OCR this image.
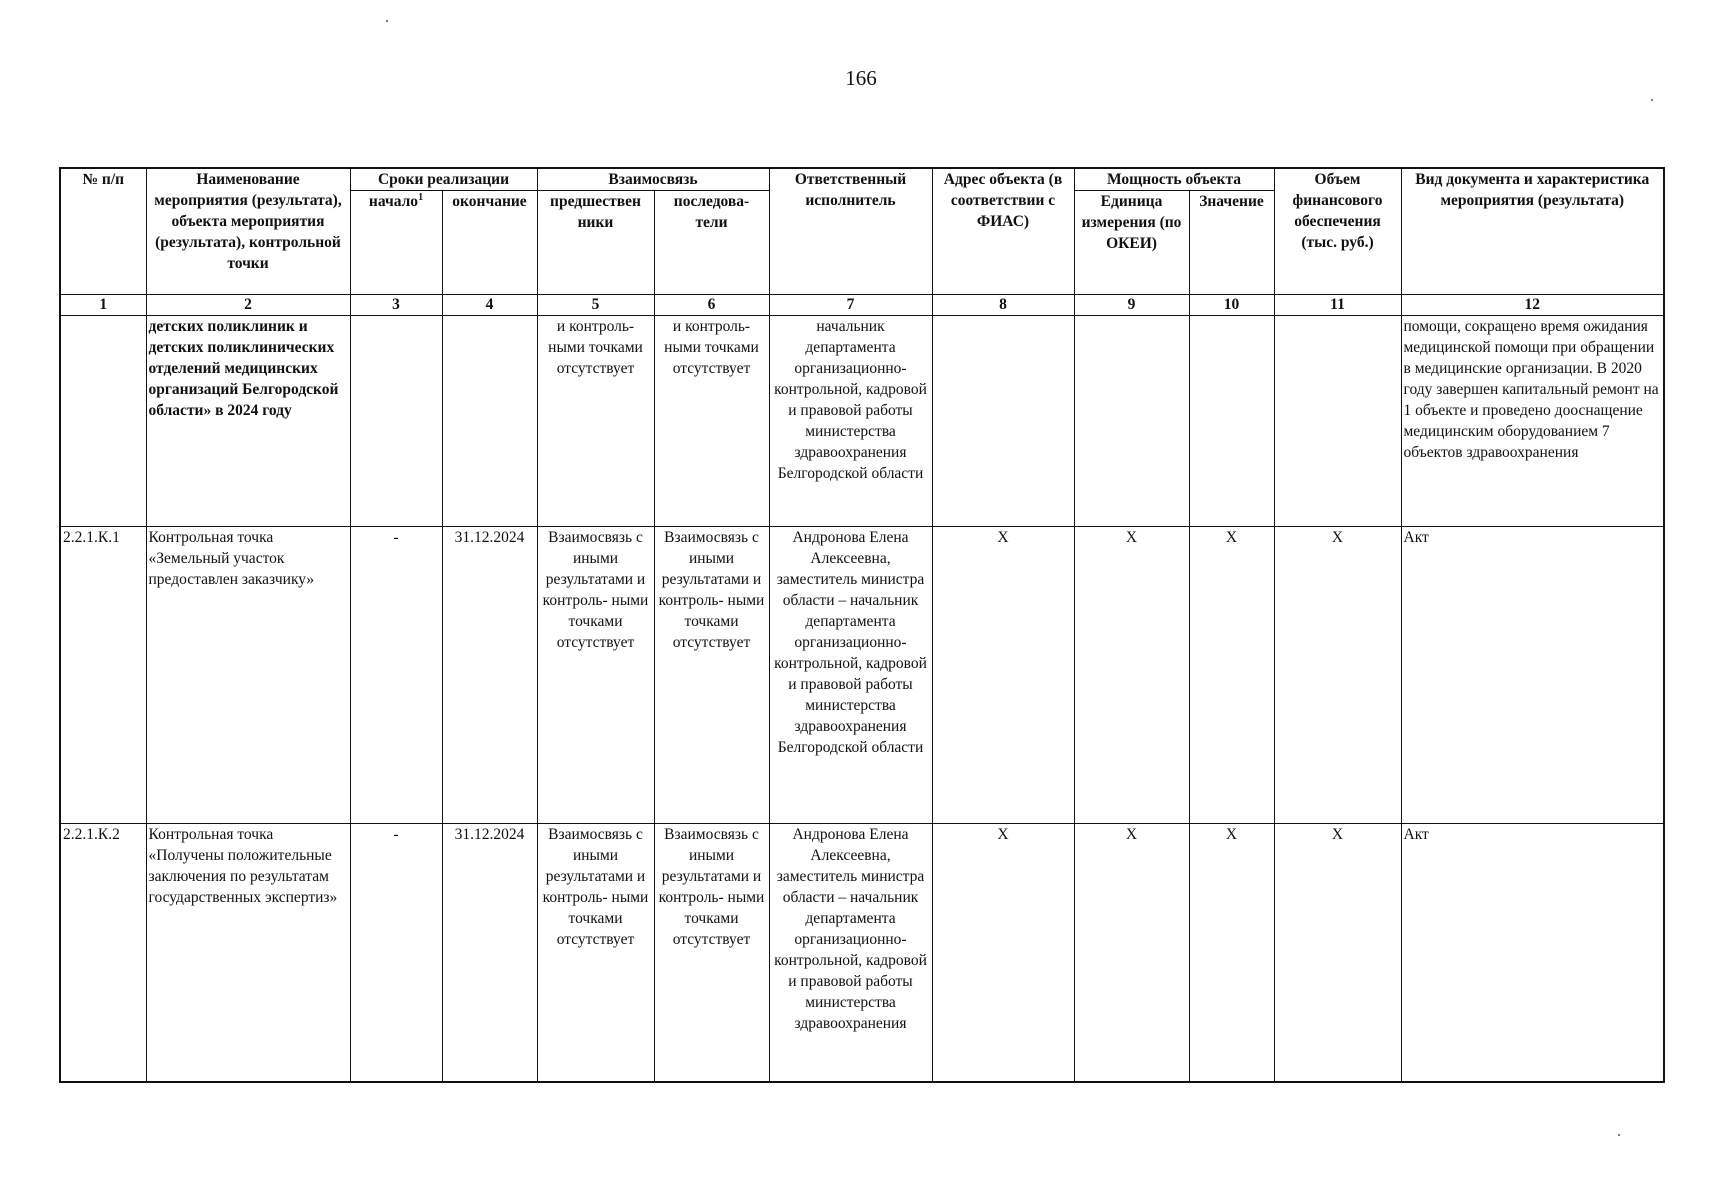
166
№ п/п	Наименование мероприятия (результата), объекта мероприятия (результата), контрольной точки	Сроки реализации		Взаимосвязь		Ответственный исполнитель	Адрес объекта (в соответствии с ФИАС)	Мощность объекта		Объем финансового обеспечения (тыс. руб.)	Вид документа и характеристика мероприятия (результата)
		начало$^1$	окончание	предшествен ники	последова- тели			Единица измерения (по ОКЕИ)	Значение		
1	2	3	4	5	6	7	8	9	10	11	12
	детских поликлиник и детских поликлинических отделений медицинских организаций Белгородской области» в 2024 году			и контроль- ными точками отсутствует	и контроль- ными точками отсутствует	начальник департамента организационно- контрольной, кадровой и правовой работы министерства здравоохранения Белгородской области					помощи, сокращено время ожидания медицинской помощи при обращении в медицинские организации. В 2020 году завершен капитальный ремонт на 1 объекте и проведено дооснащение медицинским оборудованием 7 объектов здравоохранения
2.2.1.К.1	Контрольная точка «Земельный участок предоставлен заказчику»	-	31.12.2024	Взаимосвязь с иными результатами и контроль- ными точками отсутствует	Взаимосвязь с иными результатами и контроль- ными точками отсутствует	Андронова Елена Алексеевна, заместитель министра области – начальник департамента организационно- контрольной, кадровой и правовой работы министерства здравоохранения Белгородской области	Х	Х	Х	Х	Акт
2.2.1.К.2	Контрольная точка «Получены положительные заключения по результатам государственных экспертиз»	-	31.12.2024	Взаимосвязь с иными результатами и контроль- ными точками отсутствует	Взаимосвязь с иными результатами и контроль- ными точками отсутствует	Андронова Елена Алексеевна, заместитель министра области – начальник департамента организационно- контрольной, кадровой и правовой работы министерства здравоохранения	Х	Х	Х	Х	Акт
